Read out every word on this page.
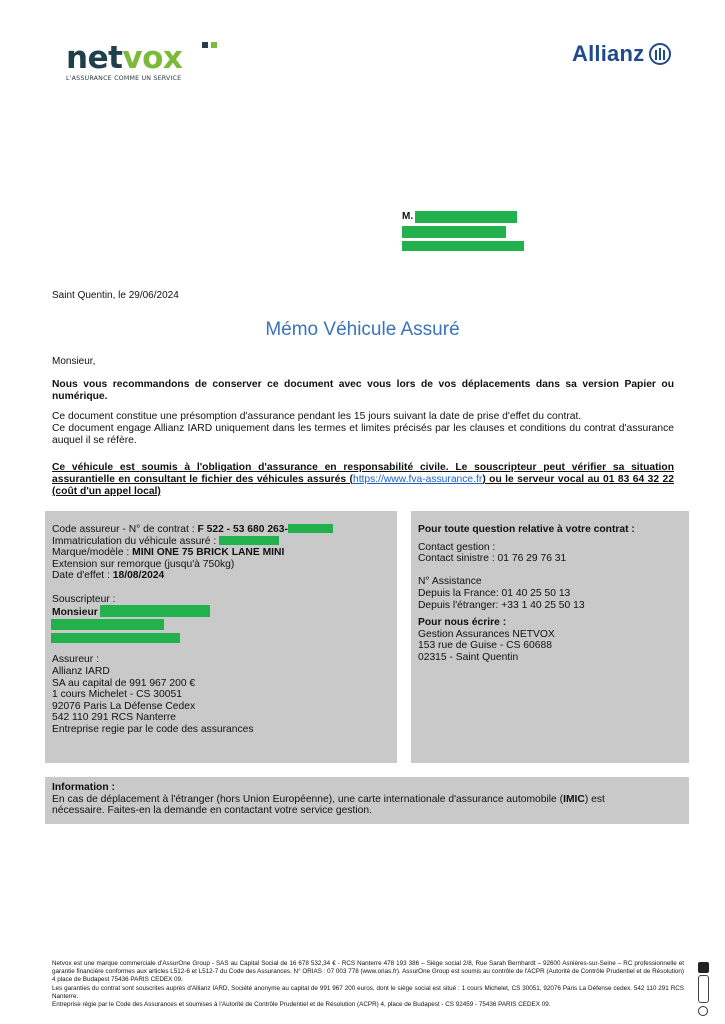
netvox
L'ASSURANCE COMME UN SERVICE
Allianz
M.
Saint Quentin, le 29/06/2024
Mémo Véhicule Assuré
Monsieur,
Nous vous recommandons de conserver ce document avec vous lors de vos déplacements dans sa version Papier ou numérique.
Ce document constitue une présomption d'assurance pendant les 15 jours suivant la date de prise d'effet du contrat.
Ce document engage Allianz IARD uniquement dans les termes et limites précisés par les clauses et conditions du contrat d'assurance auquel il se réfère.
Ce véhicule est soumis à l'obligation d'assurance en responsabilité civile. Le souscripteur peut vérifier sa situation assurantielle en consultant le fichier des véhicules assurés (https://www.fva-assurance.fr) ou le serveur vocal au 01 83 64 32 22 (coût d'un appel local)
Code assureur - N° de contrat : F 522 - 53 680 263-
Immatriculation du véhicule assuré :
Marque/modèle : MINI ONE 75 BRICK LANE MINI
Extension sur remorque (jusqu'à 750kg)
Date d'effet : 18/08/2024
Souscripteur :
Monsieur
Assureur :
Allianz IARD
SA au capital de 991 967 200 €
1 cours Michelet - CS 30051
92076 Paris La Défense Cedex
542 110 291 RCS Nanterre
Entreprise regie par le code des assurances
Pour toute question relative à votre contrat :
Contact gestion :
Contact sinistre : 01 76 29 76 31
N° Assistance
Depuis la France: 01 40 25 50 13
Depuis l'étranger: +33 1 40 25 50 13
Pour nous écrire :
Gestion Assurances NETVOX
153 rue de Guise - CS 60688
02315 - Saint Quentin
Information :
En cas de déplacement à l'étranger (hors Union Européenne), une carte internationale d'assurance automobile (IMIC) est nécessaire. Faites-en la demande en contactant votre service gestion.
Netvox est une marque commerciale d'AssurOne Group - SAS au Capital Social de 16 678 532,34 € - RCS Nanterre 478 193 386 – Siège social 2/8, Rue Sarah Bernhardt – 92600 Asnières-sur-Seine – RC professionnelle et garantie financière conformes aux articles L512-6 et L512-7 du Code des Assurances. N° ORIAS : 07 003 778 (www.orias.fr). AssurOne Group est soumis au contrôle de l'ACPR (Autorité de Contrôle Prudentiel et de Résolution) 4 place de Budapest 75436 PARIS CEDEX 09.
Les garanties du contrat sont souscrites auprès d'Allianz IARD, Société anonyme au capital de 991 967 200 euros, dont le siège social est situé : 1 cours Michelet, CS 30051, 92076 Paris La Défense cedex. 542 110 291 RCS Nanterre.
Entreprise régie par le Code des Assurances et soumises à l'Autorité de Contrôle Prudentiel et de Résolution (ACPR) 4, place de Budapest - CS 92459 - 75436 PARIS CEDEX 09.
